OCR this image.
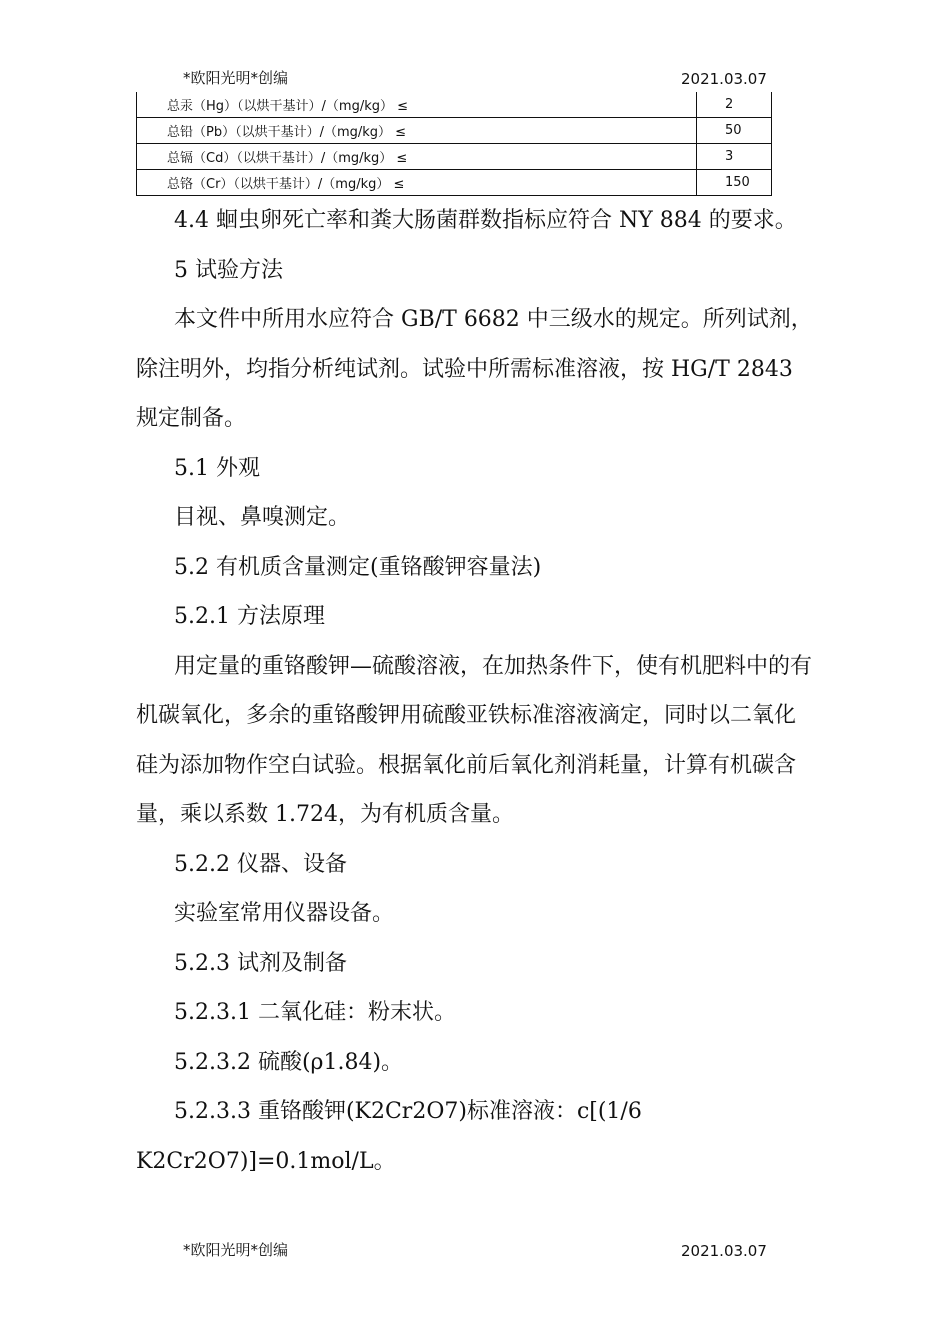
*欧阳光明*创编	2021.03.07
总汞（Hg）（以烘干基计）/（mg/kg） ≤	2
总铅（Pb）（以烘干基计）/（mg/kg） ≤	50
总镉（Cd）（以烘干基计）/（mg/kg） ≤	3
总铬（Cr）（以烘干基计）/（mg/kg） ≤	150

4.4 蛔虫卵死亡率和粪大肠菌群数指标应符合 NY 884 的要求。

5 试验方法

本文件中所用水应符合 GB/T 6682 中三级水的规定。所列试剂，除注明外，均指分析纯试剂。试验中所需标准溶液，按 HG/T 2843 规定制备。

5.1 外观

目视、鼻嗅测定。

5.2 有机质含量测定(重铬酸钾容量法)

5.2.1 方法原理

用定量的重铬酸钾—硫酸溶液，在加热条件下，使有机肥料中的有机碳氧化，多余的重铬酸钾用硫酸亚铁标准溶液滴定，同时以二氧化硅为添加物作空白试验。根据氧化前后氧化剂消耗量，计算有机碳含量，乘以系数 1.724，为有机质含量。

5.2.2 仪器、设备

实验室常用仪器设备。

5.2.3 试剂及制备

5.2.3.1 二氧化硅：粉末状。

5.2.3.2 硫酸(ρ1.84)。

5.2.3.3 重铬酸钾(K2Cr2O7)标准溶液：c[(1/6

K2Cr2O7)]=0.1mol/L。

*欧阳光明*创编	2021.03.07
